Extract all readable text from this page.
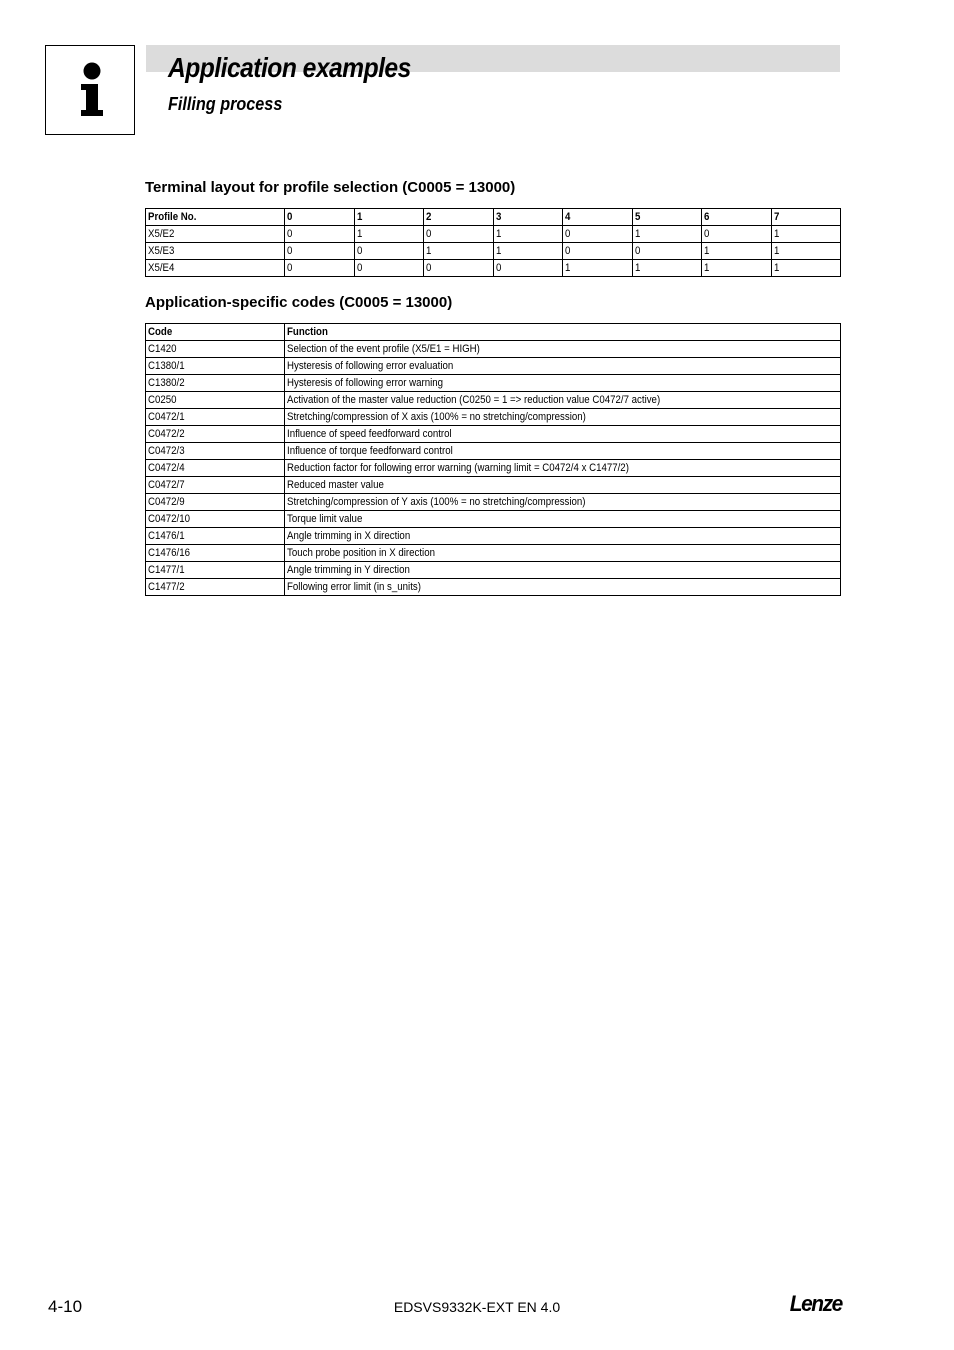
Application examples
Filling process
Terminal layout for profile selection (C0005 = 13000)
Profile No.	0	1	2	3	4	5	6	7
X5/E2	0	1	0	1	0	1	0	1
X5/E3	0	0	1	1	0	0	1	1
X5/E4	0	0	0	0	1	1	1	1
Application-specific codes (C0005 = 13000)
Code	Function
C1420	Selection of the event profile (X5/E1 = HIGH)
C1380/1	Hysteresis of following error evaluation
C1380/2	Hysteresis of following error warning
C0250	Activation of the master value reduction (C0250 = 1 => reduction value C0472/7 active)
C0472/1	Stretching/compression of X axis (100% = no stretching/compression)
C0472/2	Influence of speed feedforward control
C0472/3	Influence of torque feedforward control
C0472/4	Reduction factor for following error warning (warning limit = C0472/4 x C1477/2)
C0472/7	Reduced master value
C0472/9	Stretching/compression of Y axis (100% = no stretching/compression)
C0472/10	Torque limit value
C1476/1	Angle trimming in X direction
C1476/16	Touch probe position in X direction
C1477/1	Angle trimming in Y direction
C1477/2	Following error limit (in s_units)
4-10	EDSVS9332K-EXT EN 4.0	Lenze
